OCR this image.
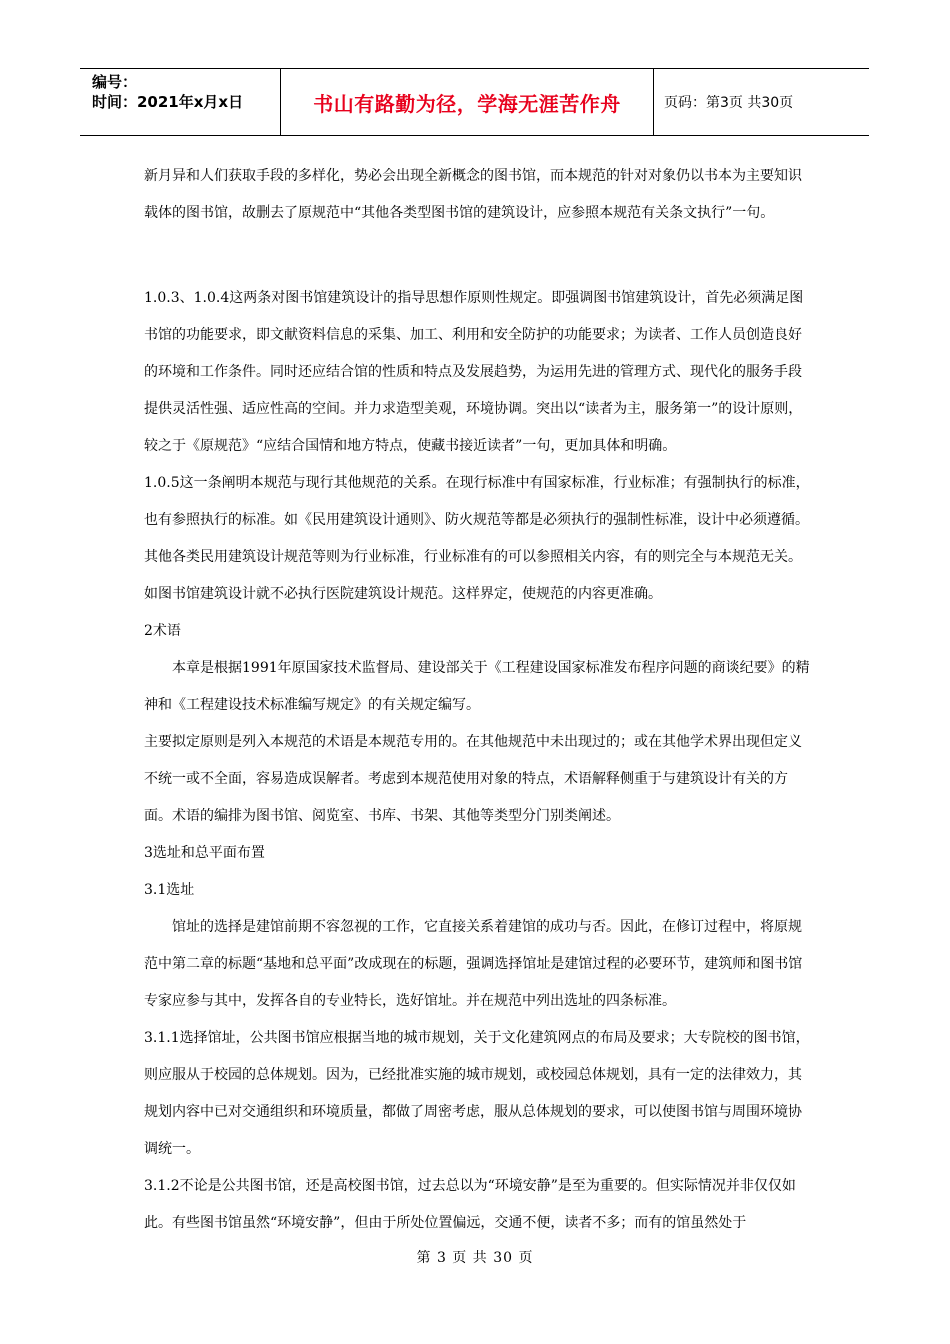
编号：
时间：2021年x月x日	书山有路勤为径，学海无涯苦作舟	页码：第3页 共30页

新月异和人们获取手段的多样化，势必会出现全新概念的图书馆，而本规范的针对对象仍以书本为主要知识载体的图书馆，故删去了原规范中“其他各类型图书馆的建筑设计，应参照本规范有关条文执行”一句。

1.0.3、1.0.4这两条对图书馆建筑设计的指导思想作原则性规定。即强调图书馆建筑设计，首先必须满足图书馆的功能要求，即文献资料信息的采集、加工、利用和安全防护的功能要求；为读者、工作人员创造良好的环境和工作条件。同时还应结合馆的性质和特点及发展趋势，为运用先进的管理方式、现代化的服务手段提供灵活性强、适应性高的空间。并力求造型美观，环境协调。突出以“读者为主，服务第一”的设计原则，较之于《原规范》“应结合国情和地方特点，使藏书接近读者”一句，更加具体和明确。

1.0.5这一条阐明本规范与现行其他规范的关系。在现行标准中有国家标准，行业标准；有强制执行的标准，也有参照执行的标准。如《民用建筑设计通则》、防火规范等都是必须执行的强制性标准，设计中必须遵循。其他各类民用建筑设计规范等则为行业标准，行业标准有的可以参照相关内容，有的则完全与本规范无关。如图书馆建筑设计就不必执行医院建筑设计规范。这样界定，使规范的内容更准确。

2术语

本章是根据1991年原国家技术监督局、建设部关于《工程建设国家标准发布程序问题的商谈纪要》的精神和《工程建设技术标准编写规定》的有关规定编写。

主要拟定原则是列入本规范的术语是本规范专用的。在其他规范中未出现过的；或在其他学术界出现但定义不统一或不全面，容易造成误解者。考虑到本规范使用对象的特点，术语解释侧重于与建筑设计有关的方面。术语的编排为图书馆、阅览室、书库、书架、其他等类型分门别类阐述。

3选址和总平面布置

3.1选址

馆址的选择是建馆前期不容忽视的工作，它直接关系着建馆的成功与否。因此，在修订过程中，将原规范中第二章的标题“基地和总平面”改成现在的标题，强调选择馆址是建馆过程的必要环节，建筑师和图书馆专家应参与其中，发挥各自的专业特长，选好馆址。并在规范中列出选址的四条标准。

3.1.1选择馆址，公共图书馆应根据当地的城市规划，关于文化建筑网点的布局及要求；大专院校的图书馆，则应服从于校园的总体规划。因为，已经批准实施的城市规划，或校园总体规划，具有一定的法律效力，其规划内容中已对交通组织和环境质量，都做了周密考虑，服从总体规划的要求，可以使图书馆与周围环境协调统一。

3.1.2不论是公共图书馆，还是高校图书馆，过去总以为“环境安静”是至为重要的。但实际情况并非仅仅如此。有些图书馆虽然“环境安静”，但由于所处位置偏远，交通不便，读者不多；而有的馆虽然处于

第 3 页 共 30 页
